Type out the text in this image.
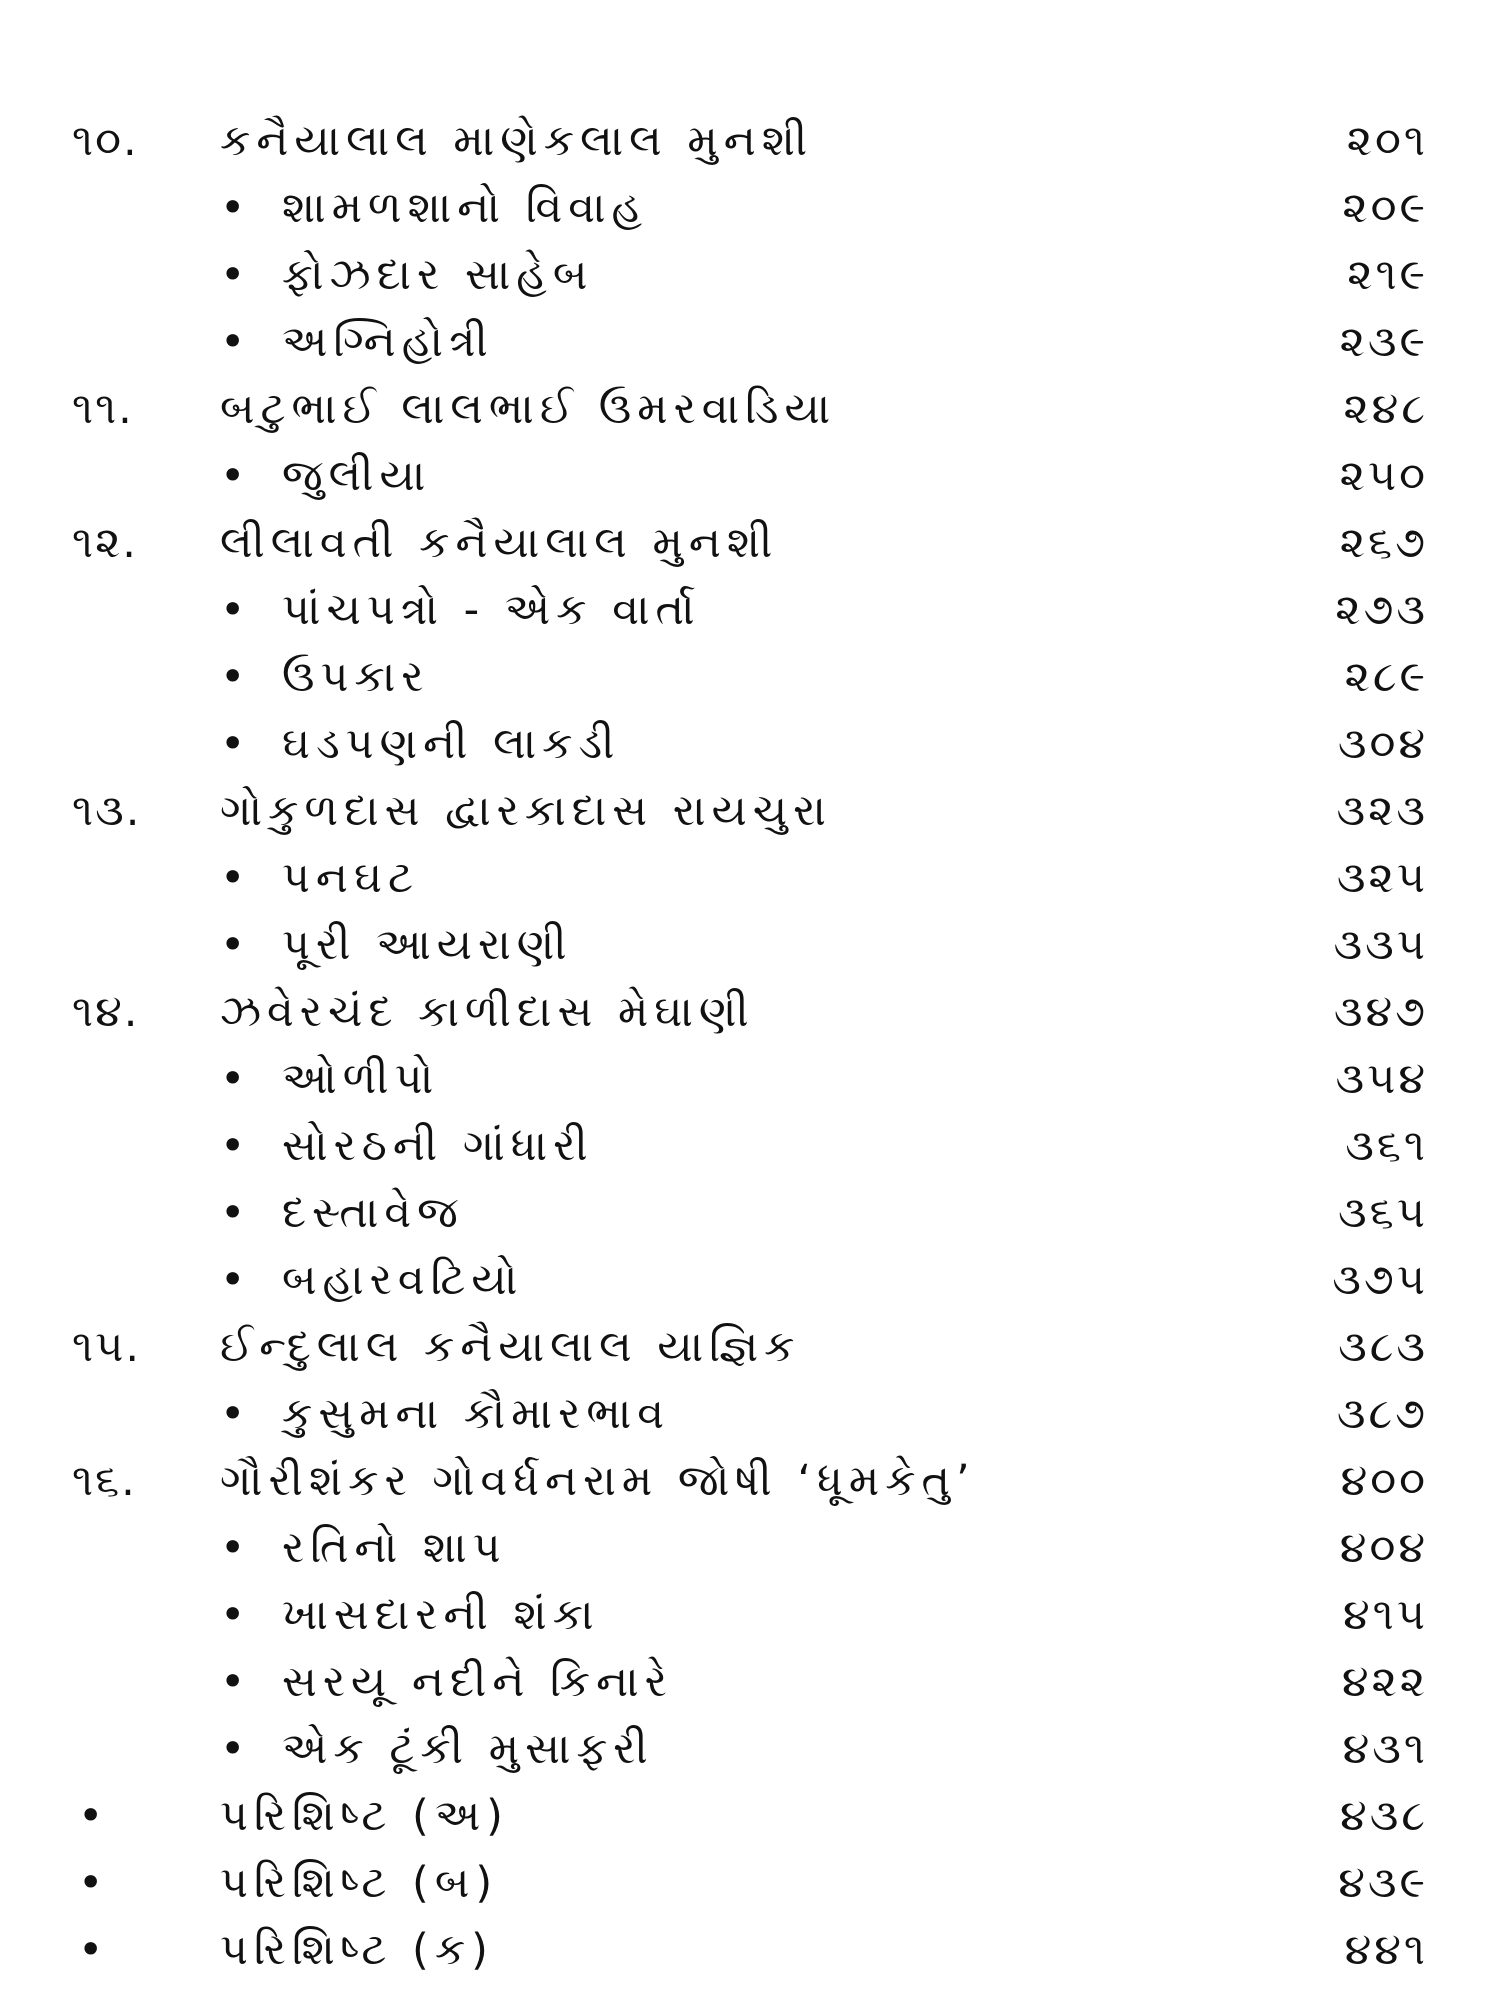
૧૦. કનૈયાલાલ માણેકલાલ મુનશી	૨૦૧
• શામળશાનો વિવાહ	૨૦૯
• ફોઝદાર સાહેબ	૨૧૯
• અગ્નિહોત્રી	૨૩૯
૧૧. બટુભાઈ લાલભાઈ ઉમરવાડિયા	૨૪૮
• જુલીયા	૨૫૦
૧૨. લીલાવતી કનૈયાલાલ મુનશી	૨૬૭
• પાંચપત્રો - એક વાર્તા	૨૭૩
• ઉપકાર	૨૮૯
• ઘડપણની લાકડી	૩૦૪
૧૩. ગોકુળદાસ દ્વારકાદાસ રાયચુરા	૩૨૩
• પનઘટ	૩૨૫
• પૂરી આયરાણી	૩૩૫
૧૪. ઝવેરચંદ કાળીદાસ મેઘાણી	૩૪૭
• ઓળીપો	૩૫૪
• સોરઠની ગાંધારી	૩૬૧
• દસ્તાવેજ	૩૬૫
• બહારવટિયો	૩૭૫
૧૫. ઈન્દુલાલ કનૈયાલાલ યાજ્ઞિક	૩૮૩
• કુસુમના કૌમારભાવ	૩૮૭
૧૬. ગૌરીશંકર ગોવર્ધનરામ જોષી ‘ધૂમકેતુ’	૪૦૦
• રતિનો શાપ	૪૦૪
• ખાસદારની શંકા	૪૧૫
• સરયૂ નદીને કિનારે	૪૨૨
• એક ટૂંકી મુસાફરી	૪૩૧
•	પરિશિષ્ટ (અ)	૪૩૮
•	પરિશિષ્ટ (બ)	૪૩૯
•	પરિશિષ્ટ (ક)	૪૪૧
